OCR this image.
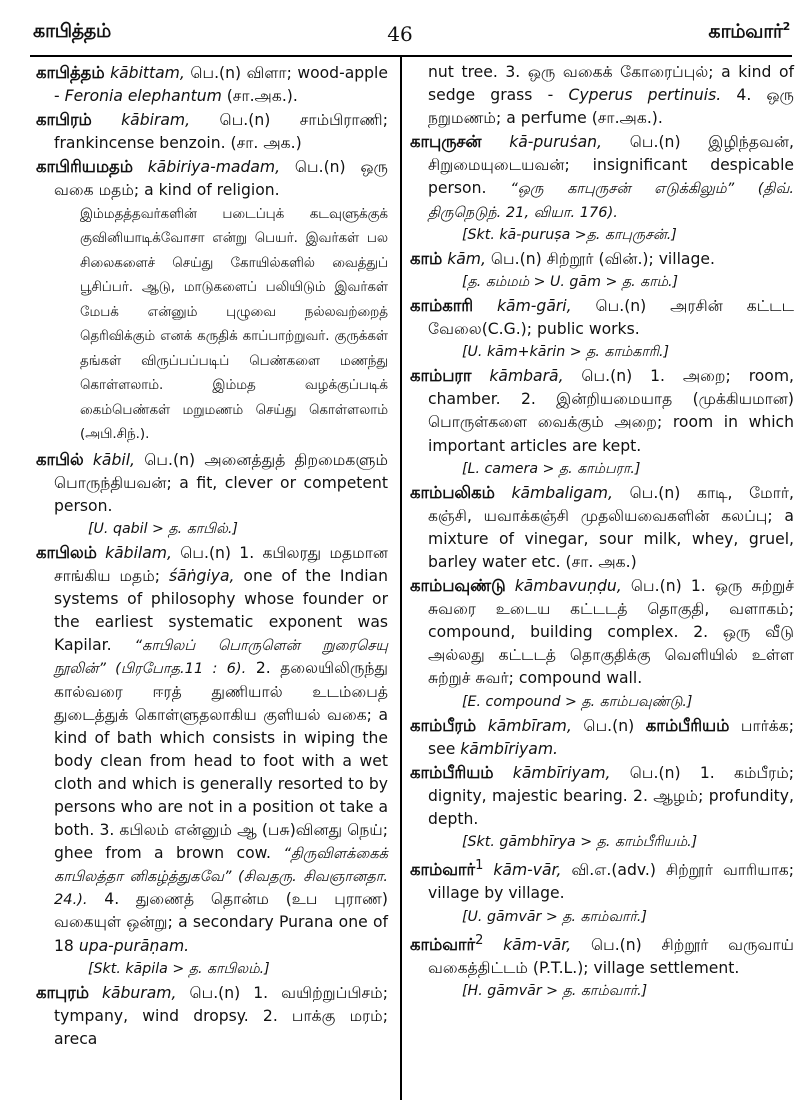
காபித்தம்	46	காம்வார்$^2$

காபித்தம் kābittam, பெ.(n) விளா; wood-apple - Feronia elephantum (சா.அக.).

காபிரம் kābiram, பெ.(n) சாம்பிராணி; frankincense benzoin. (சா. அக.)

காபிரியமதம் kābiriya-madam, பெ.(n) ஒரு வகை மதம்; a kind of religion.

இம்மதத்தவர்களின் படைப்புக் கடவுளுக்குக் குவினியாடிக்வோசா என்று பெயர். இவர்கள் பல சிலைகளைச் செய்து கோயில்களில் வைத்துப் பூசிப்பர். ஆடு, மாடுகளைப் பலியிடும் இவர்கள் மேபக் என்னும் புழுவை நல்லவற்றைத் தெரிவிக்கும் எனக் கருதிக் காப்பாற்றுவர். குருக்கள் தங்கள் விருப்பப்படிப் பெண்களை மணந்து கொள்ளலாம். இம்மத வழக்குப்படிக் கைம்பெண்கள் மறுமணம் செய்து கொள்ளலாம் (அபி.சிந்.).

காபில் kābil, பெ.(n) அனைத்துத் திறமைகளும் பொருந்தியவன்; a fit, clever or competent person.

[U. qabil > த. காபில்.]

காபிலம் kābilam, பெ.(n) 1. கபிலரது மதமான சாங்கிய மதம்; śāṅgiya, one of the Indian systems of philosophy whose founder or the earliest systematic exponent was Kapilar. “காபிலப் பொருளென் றுரைசெயு நூலின்” (பிரபோத.11 : 6). 2. தலையிலிருந்து கால்வரை ஈரத் துணியால் உடம்பைத் துடைத்துக் கொள்ளுதலாகிய குளியல் வகை; a kind of bath which consists in wiping the body clean from head to foot with a wet cloth and which is generally resorted to by persons who are not in a position ot take a both. 3. கபிலம் என்னும் ஆ (பசு)வினது நெய்; ghee from a brown cow. “திருவிளக்கைக் காபிலத்தா னிகழ்த்துகவே” (சிவதரு. சிவஞானதா. 24.). 4. துணைத் தொன்ம (உப புராண) வகையுள் ஒன்று; a secondary Purana one of 18 upa-purāṇam.

[Skt. kāpila > த. காபிலம்.]

காபுரம் kāburam, பெ.(n) 1. வயிற்றுப்பிசம்; tympany, wind dropsy. 2. பாக்கு மரம்; areca

nut tree. 3. ஒரு வகைக் கோரைப்புல்; a kind of sedge grass - Cyperus pertinuis. 4. ஒரு நறுமணம்; a perfume (சா.அக.).

காபுருசன் kā-puruṡan, பெ.(n) இழிந்தவன், சிறுமையுடையவன்; insignificant despicable person. “ஒரு காபுருசன் எடுக்கிலும்” (திவ். திருநெடுந். 21, வியா. 176).

[Skt. kā-puruṣa >த. காபுருசன்.]

காம் kām, பெ.(n) சிற்றூர் (வின்.); village.

[த. கம்மம் > U. gām > த. காம்.]

காம்காரி kām-gāri, பெ.(n) அரசின் கட்டட வேலை(C.G.); public works.

[U. kām+kārin > த. காம்காரி.]

காம்பரா kāmbarā, பெ.(n) 1. அறை; room, chamber. 2. இன்றியமையாத (முக்கியமான) பொருள்களை வைக்கும் அறை; room in which important articles are kept.

[L. camera > த. காம்பரா.]

காம்பலிகம் kāmbaligam, பெ.(n) காடி, மோர், கஞ்சி, யவாக்கஞ்சி முதலியவைகளின் கலப்பு; a mixture of vinegar, sour milk, whey, gruel, barley water etc. (சா. அக.)

காம்பவுண்டு kāmbavuṇḍu, பெ.(n) 1. ஒரு சுற்றுச் சுவரை உடைய கட்டடத் தொகுதி, வளாகம்; compound, building complex. 2. ஒரு வீடு அல்லது கட்டடத் தொகுதிக்கு வெளியில் உள்ள சுற்றுச் சுவர்; compound wall.

[E. compound > த. காம்பவுண்டு.]

காம்பீரம் kāmbīram, பெ.(n) காம்பீரியம் பார்க்க; see kāmbīriyam.

காம்பீரியம் kāmbīriyam, பெ.(n) 1. கம்பீரம்; dignity, majestic bearing. 2. ஆழம்; profundity, depth.

[Skt. gāmbhīrya > த. காம்பீரியம்.]

காம்வார்$^1$ kām-vār, வி.எ.(adv.) சிற்றூர் வாரியாக; village by village.

[U. gāmvār > த. காம்வார்.]

காம்வார்$^2$ kām-vār, பெ.(n) சிற்றூர் வருவாய் வகைத்திட்டம் (P.T.L.); village settlement.

[H. gāmvār > த. காம்வார்.]
